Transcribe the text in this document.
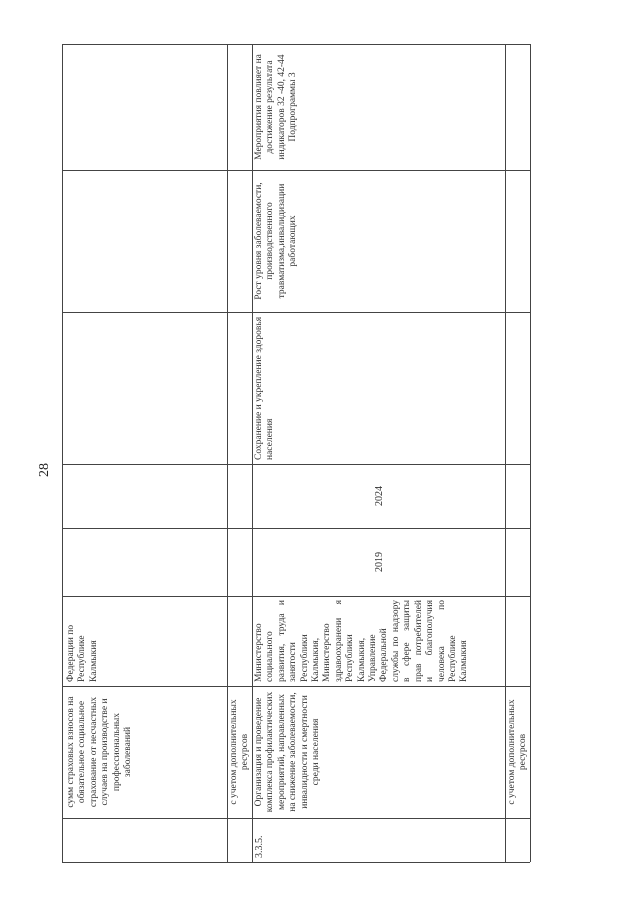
28
сумм страховых взносов на обязательное социальное страхование от несчастных случаев на производстве и профессиональных заболеваний
Федерации по Республике Калмыкия
с учетом дополнительных ресурсов
3.3.5.
Организация и проведение комплекса профилактических мероприятий, направленных на снижение заболеваемости, инвалидности и смертности среди населения
Министерство социального развития, труда и занятости Республики Калмыкия, Министерство здравоохранени я Республики Калмыкия, Управление Федеральной службы по надзору в сфере защиты прав потребителей и благополучия человека по Республике Калмыкия
2019
2024
Сохранение и укрепление здоровья населения
Рост уровня заболеваемости, производственного травматизма,инвалидизации работающих
Мероприятия повлияет на достижение результата индикаторов 32 -40, 42-44 Подпрограммы 3
с учетом дополнительных ресурсов
